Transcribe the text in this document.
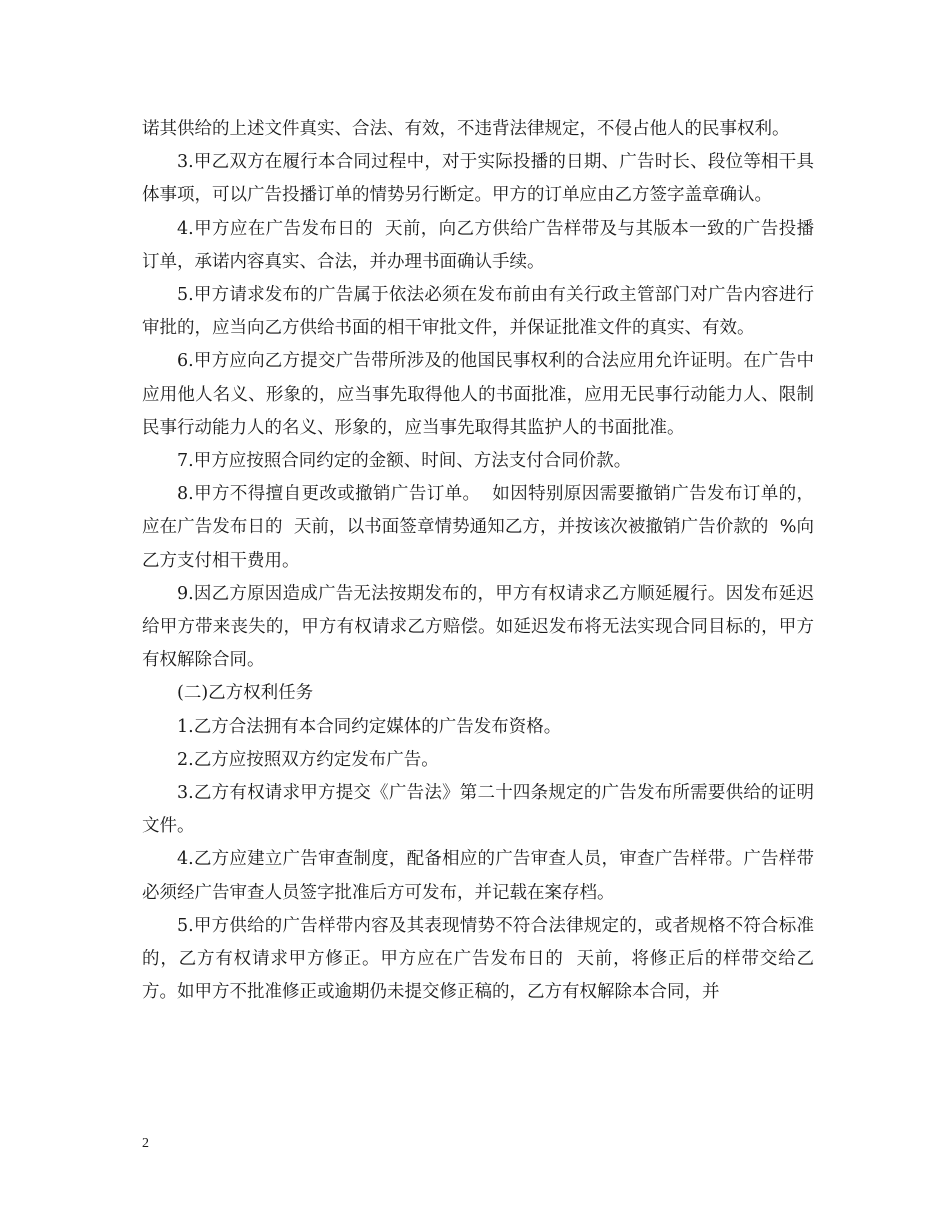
诺其供给的上述文件真实、合法、有效，不违背法律规定，不侵占他人的民事权利。

3.甲乙双方在履行本合同过程中，对于实际投播的日期、广告时长、段位等相干具体事项，可以广告投播订单的情势另行断定。甲方的订单应由乙方签字盖章确认。

4.甲方应在广告发布日的  天前，向乙方供给广告样带及与其版本一致的广告投播订单，承诺内容真实、合法，并办理书面确认手续。

5.甲方请求发布的广告属于依法必须在发布前由有关行政主管部门对广告内容进行审批的，应当向乙方供给书面的相干审批文件，并保证批准文件的真实、有效。

6.甲方应向乙方提交广告带所涉及的他国民事权利的合法应用允许证明。在广告中应用他人名义、形象的，应当事先取得他人的书面批准，应用无民事行动能力人、限制民事行动能力人的名义、形象的，应当事先取得其监护人的书面批准。

7.甲方应按照合同约定的金额、时间、方法支付合同价款。

8.甲方不得擅自更改或撤销广告订单。  如因特别原因需要撤销广告发布订单的，应在广告发布日的  天前，以书面签章情势通知乙方，并按该次被撤销广告价款的  %向乙方支付相干费用。

9.因乙方原因造成广告无法按期发布的，甲方有权请求乙方顺延履行。因发布延迟给甲方带来丧失的，甲方有权请求乙方赔偿。如延迟发布将无法实现合同目标的，甲方有权解除合同。

(二)乙方权利任务

1.乙方合法拥有本合同约定媒体的广告发布资格。

2.乙方应按照双方约定发布广告。

3.乙方有权请求甲方提交《广告法》第二十四条规定的广告发布所需要供给的证明文件。

4.乙方应建立广告审查制度，配备相应的广告审查人员，审查广告样带。广告样带必须经广告审查人员签字批准后方可发布，并记载在案存档。

5.甲方供给的广告样带内容及其表现情势不符合法律规定的，或者规格不符合标准的，乙方有权请求甲方修正。甲方应在广告发布日的  天前，将修正后的样带交给乙方。如甲方不批准修正或逾期仍未提交修正稿的，乙方有权解除本合同，并

2
